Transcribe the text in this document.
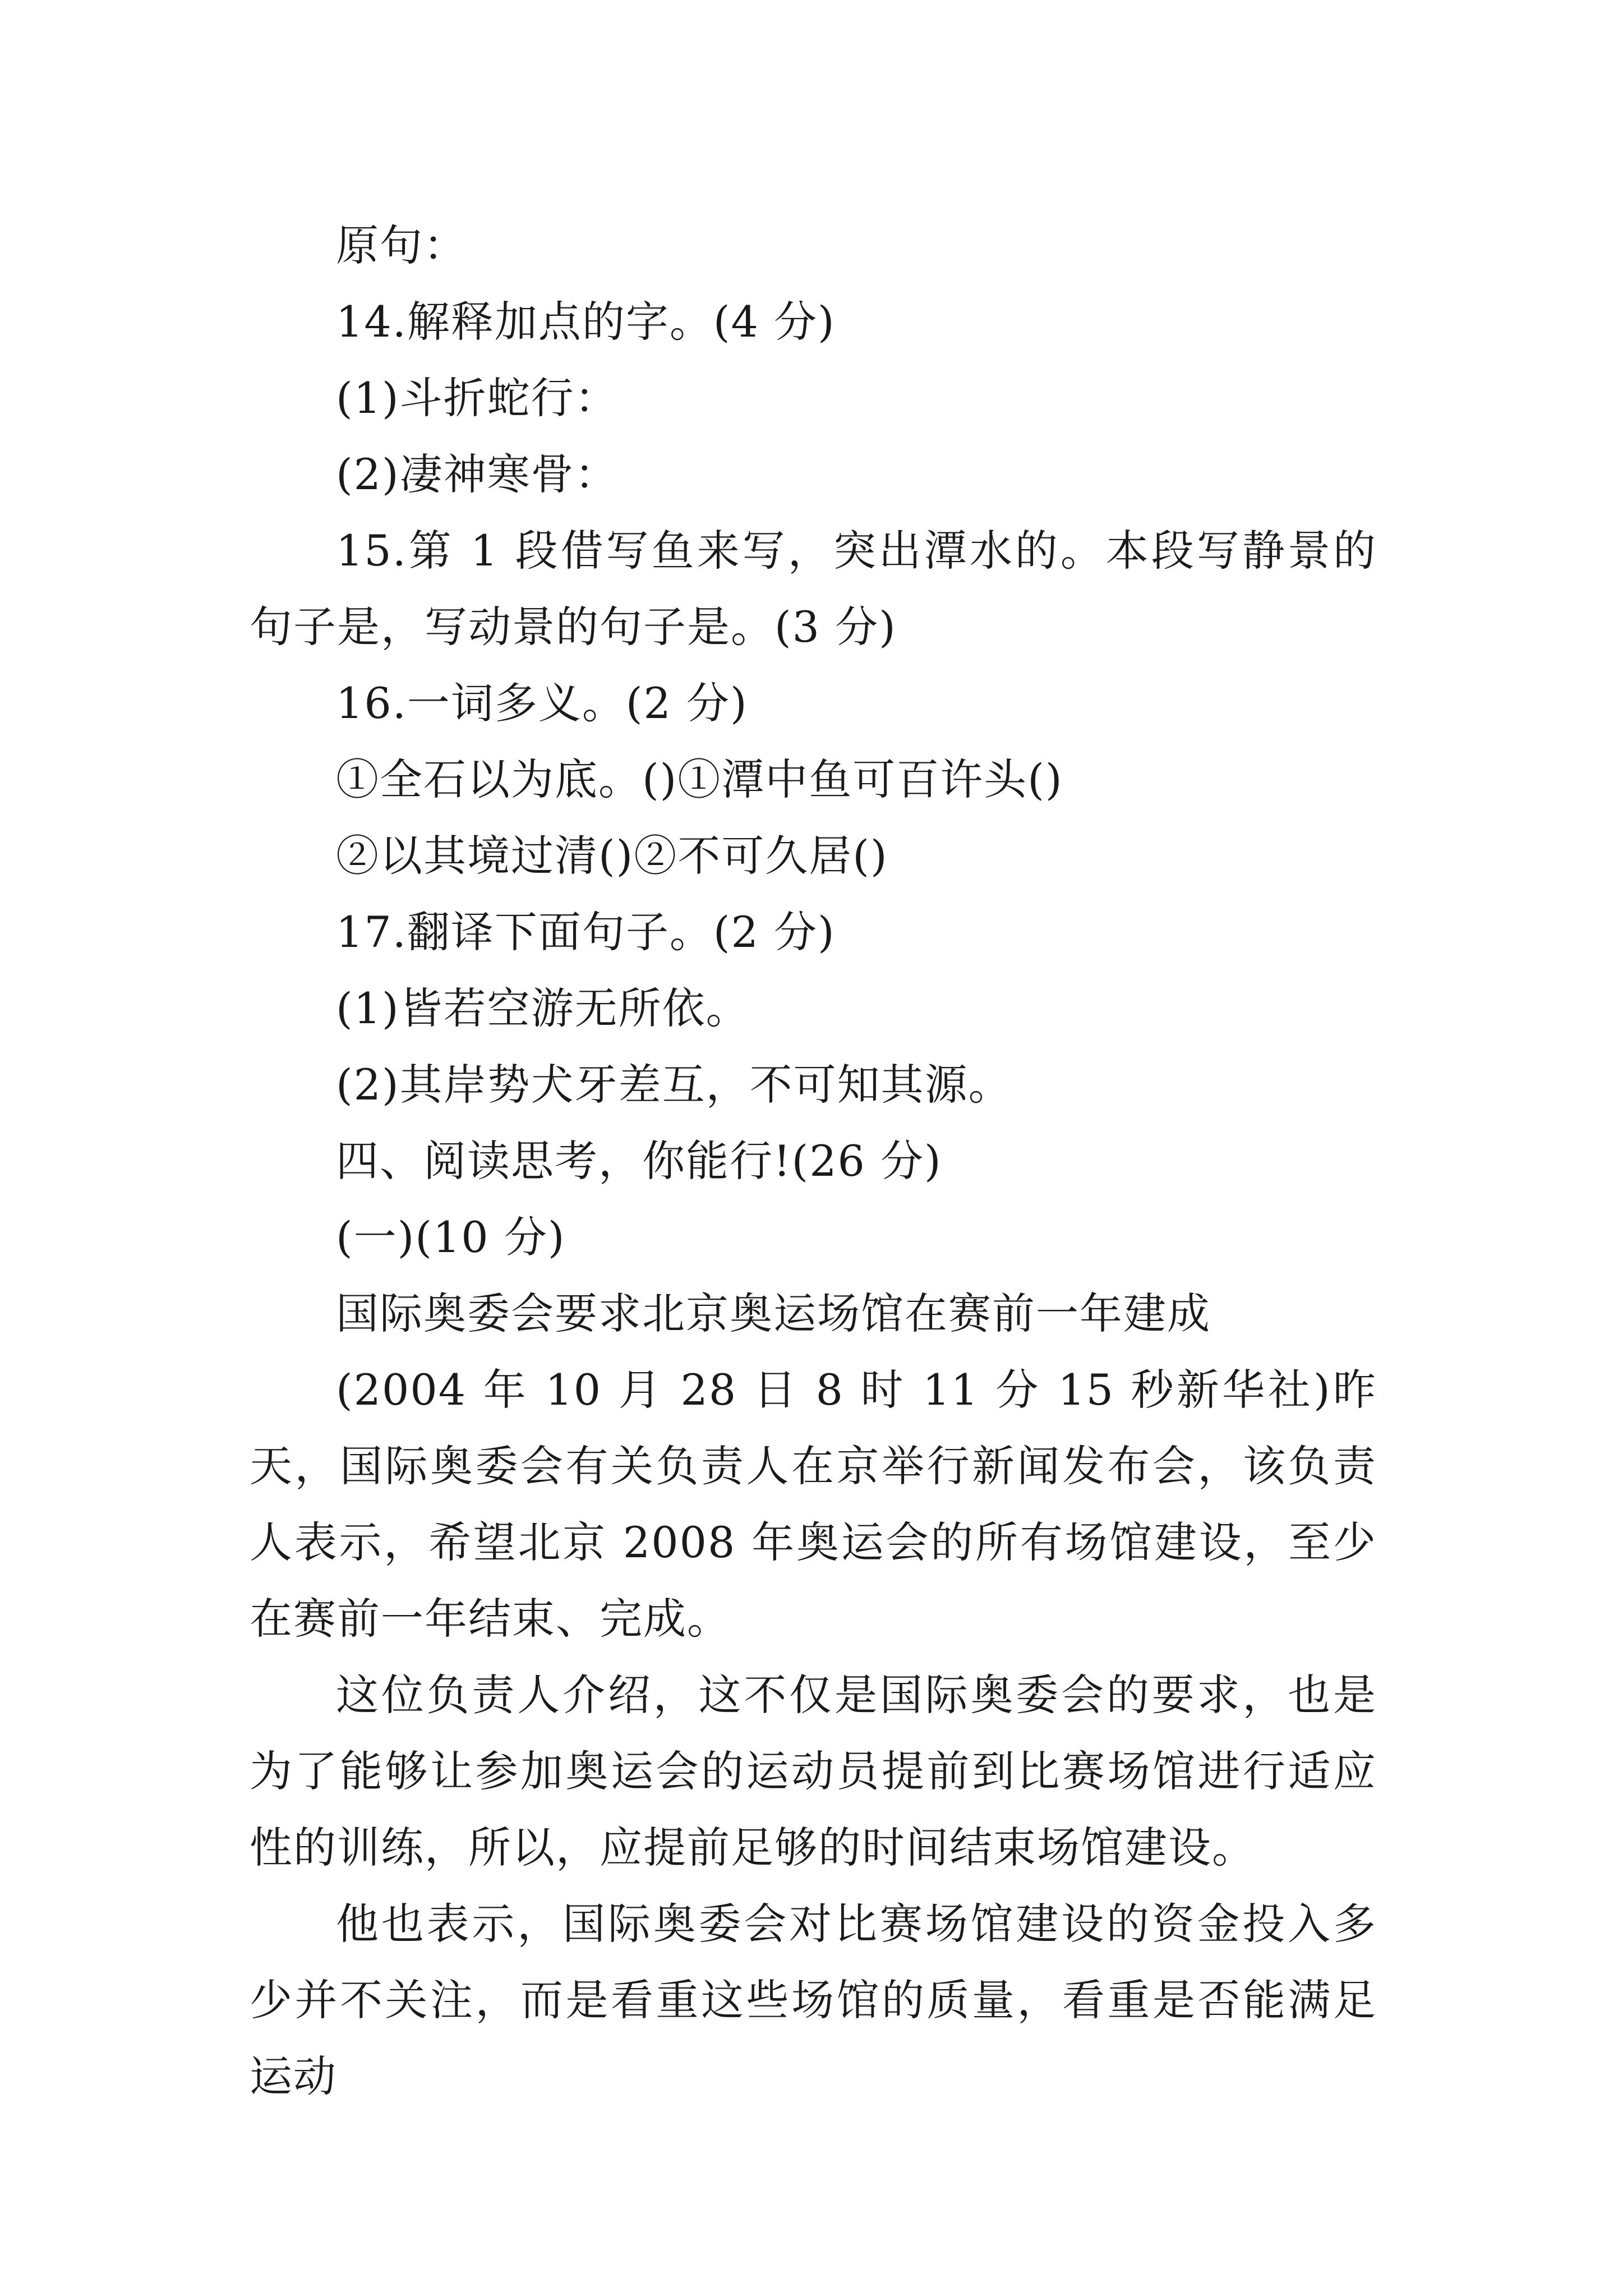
原句：
14.解释加点的字。(4 分)
(1)斗折蛇行：
(2)凄神寒骨：
15.第 1 段借写鱼来写，突出潭水的。本段写静景的句子是，写动景的句子是。(3 分)
16.一词多义。(2 分)
①全石以为底。()①潭中鱼可百许头()
②以其境过清()②不可久居()
17.翻译下面句子。(2 分)
(1)皆若空游无所依。
(2)其岸势犬牙差互，不可知其源。
四、阅读思考，你能行!(26 分)
(一)(10 分)
国际奥委会要求北京奥运场馆在赛前一年建成
(2004 年 10 月 28 日 8 时 11 分 15 秒新华社)昨天，国际奥委会有关负责人在京举行新闻发布会，该负责人表示，希望北京 2008 年奥运会的所有场馆建设，至少在赛前一年结束、完成。
这位负责人介绍，这不仅是国际奥委会的要求，也是为了能够让参加奥运会的运动员提前到比赛场馆进行适应性的训练，所以，应提前足够的时间结束场馆建设。
他也表示，国际奥委会对比赛场馆建设的资金投入多少并不关注，而是看重这些场馆的质量，看重是否能满足运动
